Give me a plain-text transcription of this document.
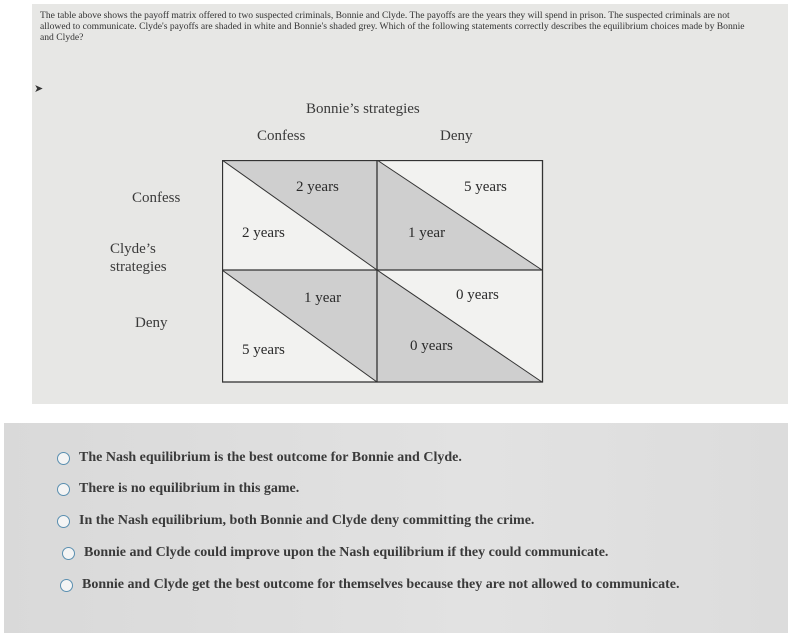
The table above shows the payoff matrix offered to two suspected criminals, Bonnie and Clyde. The payoffs are the years they will spend in prison. The suspected criminals are not allowed to communicate. Clyde's payoffs are shaded in white and Bonnie's shaded grey. Which of the following statements correctly describes the equilibrium choices made by Bonnie and Clyde?
➤
Bonnie’s strategies
Confess	Deny
Confess
Clyde’s
strategies
Deny
2 years
2 years
5 years
1 year
1 year
5 years
0 years
0 years
The Nash equilibrium is the best outcome for Bonnie and Clyde.
There is no equilibrium in this game.
In the Nash equilibrium, both Bonnie and Clyde deny committing the crime.
Bonnie and Clyde could improve upon the Nash equilibrium if they could communicate.
Bonnie and Clyde get the best outcome for themselves because they are not allowed to communicate.
